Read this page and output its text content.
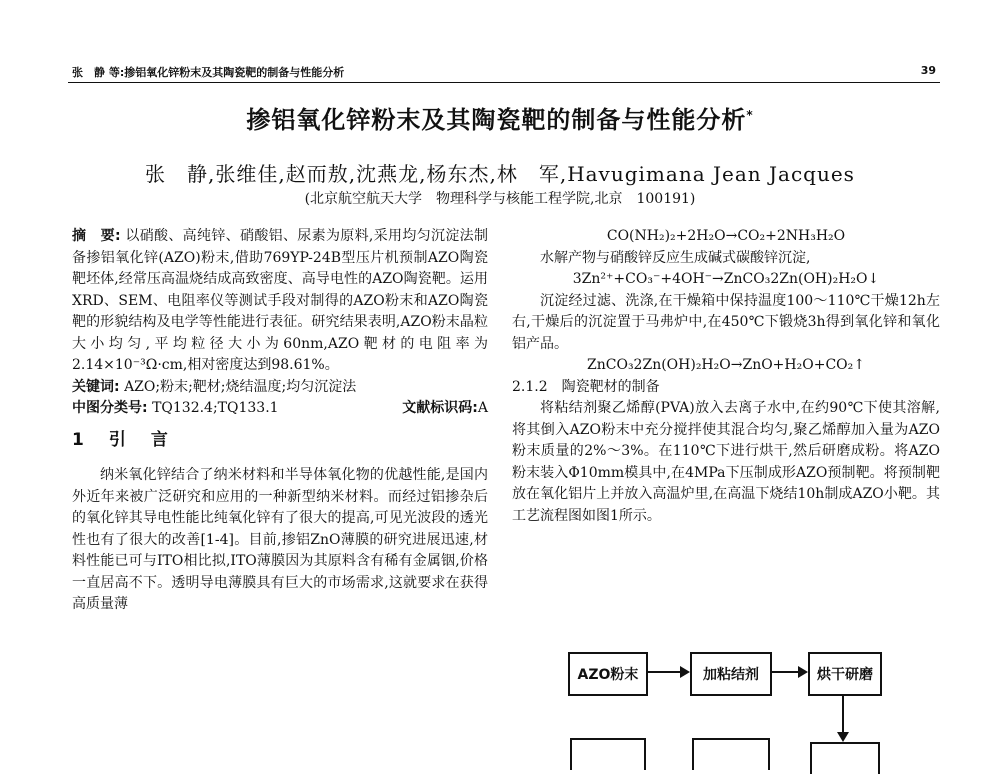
张　静 等:掺铝氧化锌粉末及其陶瓷靶的制备与性能分析	39
掺铝氧化锌粉末及其陶瓷靶的制备与性能分析*
张　静,张维佳,赵而敖,沈燕龙,杨东杰,林　军,Havugimana Jean Jacques
(北京航空航天大学　物理科学与核能工程学院,北京　100191)

摘　要: 以硝酸、高纯锌、硝酸铝、尿素为原料,采用均匀沉淀法制备掺铝氧化锌(AZO)粉末,借助769YP-24B型压片机预制AZO陶瓷靶坯体,经常压高温烧结成高致密度、高导电性的AZO陶瓷靶。运用XRD、SEM、电阻率仪等测试手段对制得的AZO粉末和AZO陶瓷靶的形貌结构及电学等性能进行表征。研究结果表明,AZO粉末晶粒大小均匀,平均粒径大小为60nm,AZO靶材的电阻率为2.14×10⁻³Ω·cm,相对密度达到98.61%。

关键词: AZO;粉末;靶材;烧结温度;均匀沉淀法

中图分类号: TQ132.4;TQ133.1	文献标识码:A

1　引　言

纳米氧化锌结合了纳米材料和半导体氧化物的优越性能,是国内外近年来被广泛研究和应用的一种新型纳米材料。而经过铝掺杂后的氧化锌其导电性能比纯氧化锌有了很大的提高,可见光波段的透光性也有了很大的改善[1-4]。目前,掺铝ZnO薄膜的研究进展迅速,材料性能已可与ITO相比拟,ITO薄膜因为其原料含有稀有金属铟,价格一直居高不下。透明导电薄膜具有巨大的市场需求,这就要求在获得高质量薄

CO(NH₂)₂+2H₂O→CO₂+2NH₃H₂O

水解产物与硝酸锌反应生成碱式碳酸锌沉淀,

3Zn²⁺+CO₃⁻+4OH⁻→ZnCO₃2Zn(OH)₂H₂O↓

沉淀经过滤、洗涤,在干燥箱中保持温度100～110℃干燥12h左右,干燥后的沉淀置于马弗炉中,在450℃下锻烧3h得到氧化锌和氧化铝产品。

ZnCO₃2Zn(OH)₂H₂O→ZnO+H₂O+CO₂↑

2.1.2　陶瓷靶材的制备

将粘结剂聚乙烯醇(PVA)放入去离子水中,在约90℃下使其溶解,将其倒入AZO粉末中充分搅拌使其混合均匀,聚乙烯醇加入量为AZO粉末质量的2%～3%。在110℃下进行烘干,然后研磨成粉。将AZO粉末装入Φ10mm模具中,在4MPa下压制成形AZO预制靶。将预制靶放在氧化铝片上并放入高温炉里,在高温下烧结10h制成AZO小靶。其工艺流程图如图1所示。

AZO粉末	加粘结剂	烘干研磨
